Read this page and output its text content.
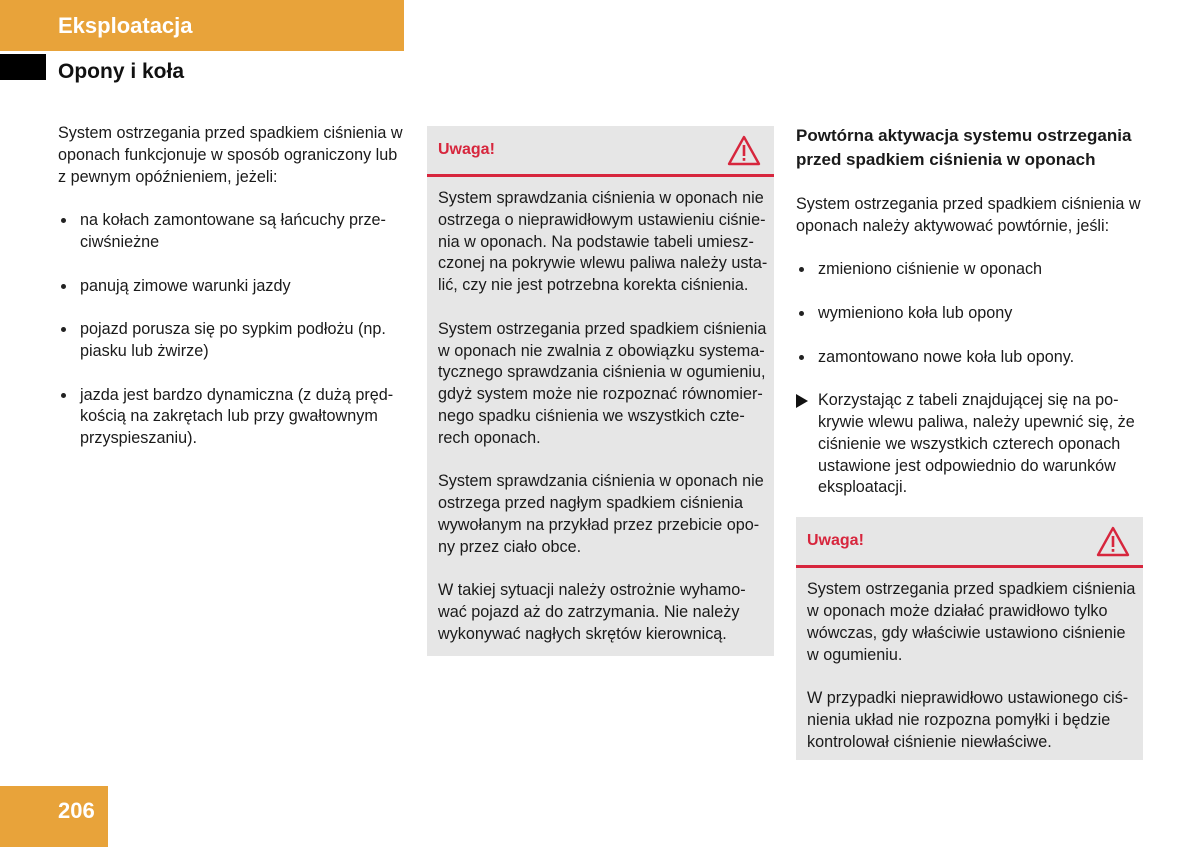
Eksploatacja
Opony i koła

System ostrzegania przed spadkiem ciśnienia w oponach funkcjonuje w sposób ograniczony lub z pewnym opóźnieniem, jeżeli:

na kołach zamontowane są łańcuchy prze-ciwśnieżne
panują zimowe warunki jazdy
pojazd porusza się po sypkim podłożu (np. piasku lub żwirze)
jazda jest bardzo dynamiczna (z dużą pręd-kością na zakrętach lub przy gwałtownym przyspieszaniu).
Uwaga!

System sprawdzania ciśnienia w oponach nie ostrzega o nieprawidłowym ustawieniu ciśnie-nia w oponach. Na podstawie tabeli umiesz-czonej na pokrywie wlewu paliwa należy usta-lić, czy nie jest potrzebna korekta ciśnienia.

System ostrzegania przed spadkiem ciśnienia w oponach nie zwalnia z obowiązku systema-tycznego sprawdzania ciśnienia w ogumieniu, gdyż system może nie rozpoznać równomier-nego spadku ciśnienia we wszystkich czte-rech oponach.

System sprawdzania ciśnienia w oponach nie ostrzega przed nagłym spadkiem ciśnienia wywołanym na przykład przez przebicie opo-ny przez ciało obce.

W takiej sytuacji należy ostrożnie wyhamo-wać pojazd aż do zatrzymania. Nie należy wykonywać nagłych skrętów kierownicą.

Powtórna aktywacja systemu ostrzegania przed spadkiem ciśnienia w oponach

System ostrzegania przed spadkiem ciśnienia w oponach należy aktywować powtórnie, jeśli:

zmieniono ciśnienie w oponach
wymieniono koła lub opony
zamontowano nowe koła lub opony.
Korzystając z tabeli znajdującej się na po-krywie wlewu paliwa, należy upewnić się, że ciśnienie we wszystkich czterech oponach ustawione jest odpowiednio do warunków eksploatacji.
Uwaga!

System ostrzegania przed spadkiem ciśnienia w oponach może działać prawidłowo tylko wówczas, gdy właściwie ustawiono ciśnienie w ogumieniu.

W przypadki nieprawidłowo ustawionego ciś-nienia układ nie rozpozna pomyłki i będzie kontrolował ciśnienie niewłaściwe.

206
